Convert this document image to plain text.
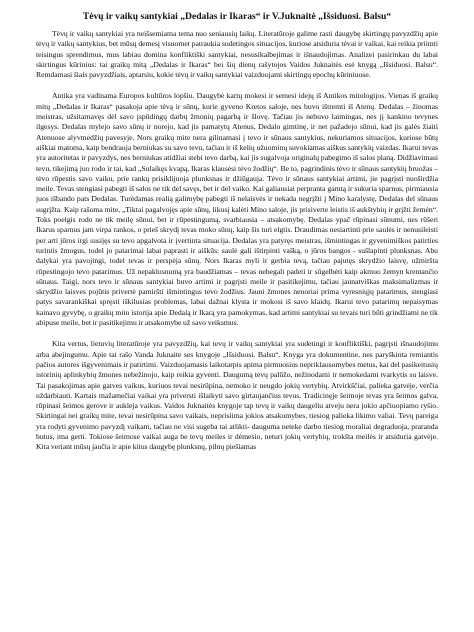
Tėvų ir vaikų santykiai „Dedalas ir Ikaras“ ir V.Juknaitė „Išsiduosi. Balsu“

Tėvų ir vaikų santykiai yra neišsemiama tema nuo seniausių laikų. Literatūroje galime rasti daugybę skirtingų pavyzdžių apie tėvų ir vaikų santykius, bet mūsų demesį visuomet patraukia sudetingos situacijos, kuriose atsiduria tėvai ir vaikai, kai reikia priimti teisingus sprendimus, mus labiau domina konfliktiški santykiai, nesusikalbejimas ir išnaudojimas. Analizei pasirinkau du labai skirtingus kūrinius: tai graikų mitą „Dedalas ir Ikaras“ bei šių dienų rašytojos Vaidos Juknaitės esė knygą „Išsiduosi. Balsu“. Remdamasi šiais pavyzdžiais, aptarsiu, kokie tėvų ir vaikų santykiai vaizduojami skirtingų epochų kūriniuose.

Antika yra vadinama Europos kultūros lopšiu. Daugybė kartų mokesi ir semesi idejų iš Antikos mitologijos. Vienas iš graikų mitų „Dedalas ir Ikaras“ pasakoja apie tėvą ir sūnų, kurie gyveno Kretos saloje, nes buvo ištremti iš Atenų. Dedalas – žinomas meistras, užsitarnavęs dėl savo įspūdingų darbų žmonių pagarbą ir šlovę. Tačiau jis nebuvo laimingas, nes jį kankino tevynes ilgesys. Dedalas mylejo savo sūnų ir norejo, kad jis pamatytų Atenus, Dedalo gimtinę, ir net pažadejo sūnui, kad jis galės žiaiti Atenuose alyvmedžių pavesyje. Nors graikų mite nera gilinamasi į tevo ir sūnaus santykius, nekuriamos situacijos, kuriose būtų aiškiai matoma, kaip bendrauja berniukas su savo tevu, tačiau ir iš kelių užuominų suvokiamas aiškus santykių vaizdas. Ikarui tevas yra autoritetas ir pavyzdys, nes berniukas atidžiai stebi tevo darbą, kai jis sugalvoja originalų pabegimo iš salos planą. Didžiavimasi tevu, tikejimą juo rodo ir tai, kad „Sulaikęs kvapą, Ikaras klausėsi tėvo žodžių“. Be to, pagrindinis tėvo ir sūnaus santykių bruožas – tėvo rūpestis savo vaiku, prie rankų prisiklijuoja plunksnas ir džiūgauja. Tėvo ir sūnaus santykiai artimi, jie pagrįsti nuoširdžia meile. Tevas stengiasi pabegti iš salos ne tik del savęs, bet ir del vaiko. Kai galiausiai perpranta gamtą ir sukuria sparnus, pirmiausia juos išbando pats Dedalas. Turėdamas realią galimybę pabegti iš nelaisvės ir nekada negrįžti į Mino karalystę, Dedalas del sūnaus sugrįžta. Kaip rašoma mite, „Tiktai pagalvojęs apie sūnų, likusį kalėti Mino saloje, jis prisiverte leistis iš aukštybių ir grįžti žemėn“. Toks poelgis rodo ne tik meilę sūnui, bet ir rūpestingumą, svarbiausia – atsakomybę. Dedalas ypač rūpinasi sūnumi, nes rūšeri Ikarus sparnus jam virpa rankos, o prieš skrydį tevas moko sūnų, kaip šis turi elgtis. Draudimas nesiartinti prie saulės ir nenusileisti per arti jūros irgi susijęs su tevo apgalvota ir įvertinta situacija. Dedalas yra patyręs meistras, išmintingas ir gyvenimiškos patirties turintis žmogus, todel jo patarimai labai paprasti ir aiškūs: saulė gali ištirpinti vašką, o jūros bangos - sušlapinti plunksnas. Abu dalykai yra pavojingi, todel tevas ir perspėja sūnų. Nors Ikaras myli ir gerbia tevą, tačiau pajutęs skrydžio laisvę, užmiršta rūpestingojo tevo patarimus. Už nepaklusnumą yra baudžiamas – tevas nebegali padeti ir sūgelbėti kaip akmuo žemyn krentančio sūnaus. Taigi, nors tevo ir sūnaus santykiai buvo artimi ir pagrįsti meile ir pasitikejimu, tačiau jaunatviškas maksimalizmas ir skrydžio laisves pojūtis privertė pamiršti išmintingus tevo žodžius. Jauni žmones nenoriai prima vyresniųjų patarimus, stengiasi patys savarankiškai spręsti iškilusias problemas, labai dažnai klysta ir mokosi iš savo klaidų. Ikarui tevo patarimų nepaisymas kainavo gyvybę, o graikų mito istorija apie Dedalą ir Ikarą yra pamokymas, kad artimi santykiai su tevais turi būti grindžiami ne tik abipuse meile, bet ir pasitikejimu ir atsakomybe už savo veiksmus.

Kita vertus, lietuvių literatūroje yra pavyzdžių, kai tevų ir vaikų santykiai yra sudetingi ir konfliktiški, pagrįsti išnaudojimu arba abejingumu. Apie tai rašo Vanda Juknaite ses knygoje „Išsiduosi. Balsu“. Knyga yra dokumentine, nes paryškinta remiantis pačios autores išgyvenimais ir patirtimi. Vaizduojamasis laikotarpis apima pirmuosius nepriklausomybes metus, kai del pasikeitusių istorinių aplinkybių žmones nebežinojo, kaip reikia gyventi. Daugumą tevų palūžo, nežinodami ir nemokedami tvarkytis su laisve. Tai pasakojimas apie gatves vaikus, kuriuos tevai nesirūpina, nemoko ir neugdo jokių vertybių. Atvirkščiai, palieka gatvėje, verčia uždarbiauti. Kartais mažamečiai vaikai yra priversti išlaikyti savo girtaujančius tevus. Tradicinęje šeimoje tevas yra šeimos galva, rūpinasi šeimos gerove ir aukleja vaikus. Vaidos Juknaitės knygoje tap tevų ir vaikų daugeliu atveju nera jokio apčiuopiamo ryšio. Skirtingai nei graikų mite, tevai nesirūpina savo vaikais, neprisiima jokios atsakomybes, tiesiog palieka likimo valiai. Tevų pareiga yra rodyti gyvenimo pavyzdį vaikam, tačiau ne visi sugeba tai atlikti- dauguma neteke darbo tiesiog moraliai degraduoja, praranda butus, ima gerti. Tokiose šeimose vaikai auga be tevų meiles ir dėmesio, neturi jokių vertybių, trokšta meilės ir atsiduria gatvėje. Kita veriant mūsų jaučia ir apie kitus daugybę plunksnų, pilnų piešiamas
